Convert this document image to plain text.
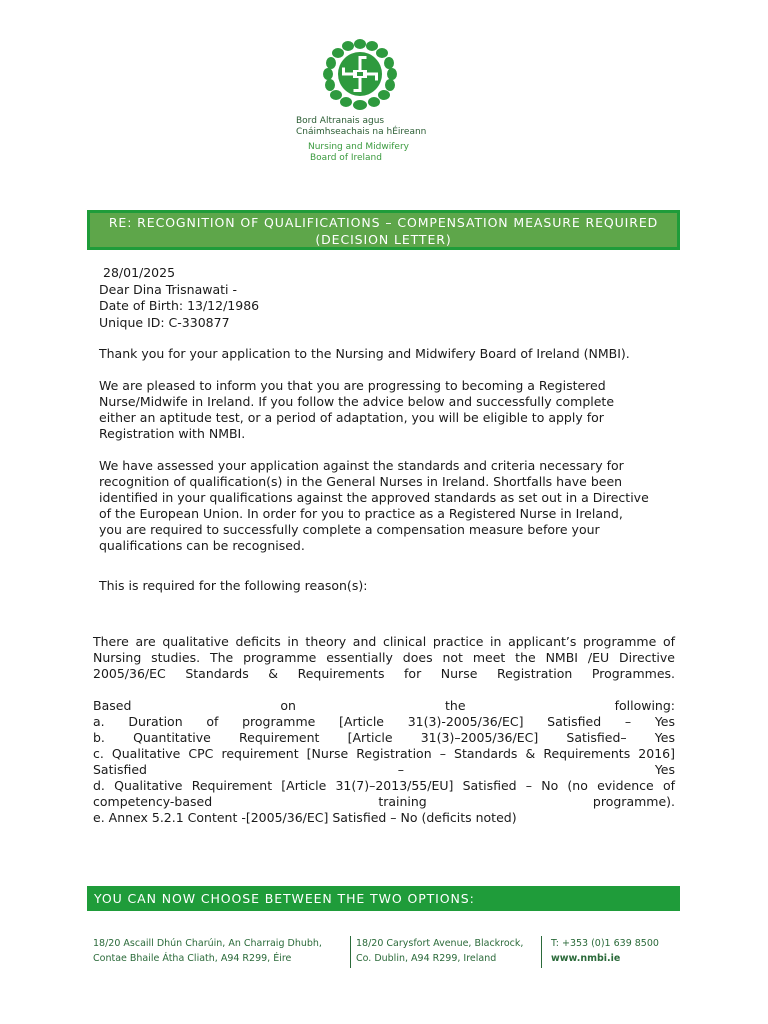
Bord Altranais agus
Cnáimhseachais na hÉireann
Nursing and Midwifery
Board of Ireland
RE: RECOGNITION OF QUALIFICATIONS – COMPENSATION MEASURE REQUIRED
(DECISION LETTER)
28/01/2025
Dear Dina Trisnawati -
Date of Birth: 13/12/1986
Unique ID: C-330877
Thank you for your application to the Nursing and Midwifery Board of Ireland (NMBI).
We are pleased to inform you that you are progressing to becoming a Registered
Nurse/Midwife in Ireland. If you follow the advice below and successfully complete
either an aptitude test, or a period of adaptation, you will be eligible to apply for
Registration with NMBI.
We have assessed your application against the standards and criteria necessary for
recognition of qualification(s) in the General Nurses in Ireland. Shortfalls have been
identified in your qualifications against the approved standards as set out in a Directive
of the European Union. In order for you to practice as a Registered Nurse in Ireland,
you are required to successfully complete a compensation measure before your
qualifications can be recognised.
This is required for the following reason(s):
There are qualitative deficits in theory and clinical practice in applicant’s programme of
Nursing studies. The programme essentially does not meet the NMBI /EU Directive
2005/36/EC Standards & Requirements for Nurse Registration Programmes.
Based on the following:
a. Duration of programme [Article 31(3)-2005/36/EC] Satisfied – Yes
b. Quantitative Requirement [Article 31(3)–2005/36/EC] Satisfied– Yes
c. Qualitative CPC requirement [Nurse Registration – Standards & Requirements 2016]
Satisfied – Yes
d. Qualitative Requirement [Article 31(7)–2013/55/EU] Satisfied – No (no evidence of
competency-based training programme).
e. Annex 5.2.1 Content -[2005/36/EC] Satisfied – No (deficits noted)
YOU CAN NOW CHOOSE BETWEEN THE TWO OPTIONS:
18/20 Ascaill Dhún Charúin, An Charraig Dhubh,
Contae Bhaile Átha Cliath, A94 R299, Éire
18/20 Carysfort Avenue, Blackrock,
Co. Dublin, A94 R299, Ireland
T: +353 (0)1 639 8500
www.nmbi.ie
